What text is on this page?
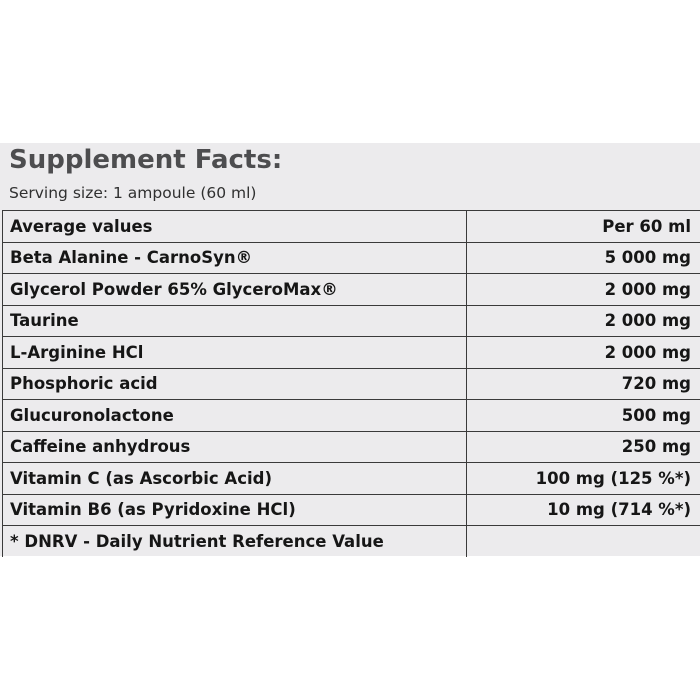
Supplement Facts:
Serving size: 1 ampoule (60 ml)
Average values	Per 60 ml
Beta Alanine - CarnoSyn®	5 000 mg
Glycerol Powder 65% GlyceroMax®	2 000 mg
Taurine	2 000 mg
L-Arginine HCl	2 000 mg
Phosphoric acid	720 mg
Glucuronolactone	500 mg
Caffeine anhydrous	250 mg
Vitamin C (as Ascorbic Acid)	100 mg (125 %*)
Vitamin B6 (as Pyridoxine HCl)	10 mg (714 %*)
* DNRV - Daily Nutrient Reference Value	
